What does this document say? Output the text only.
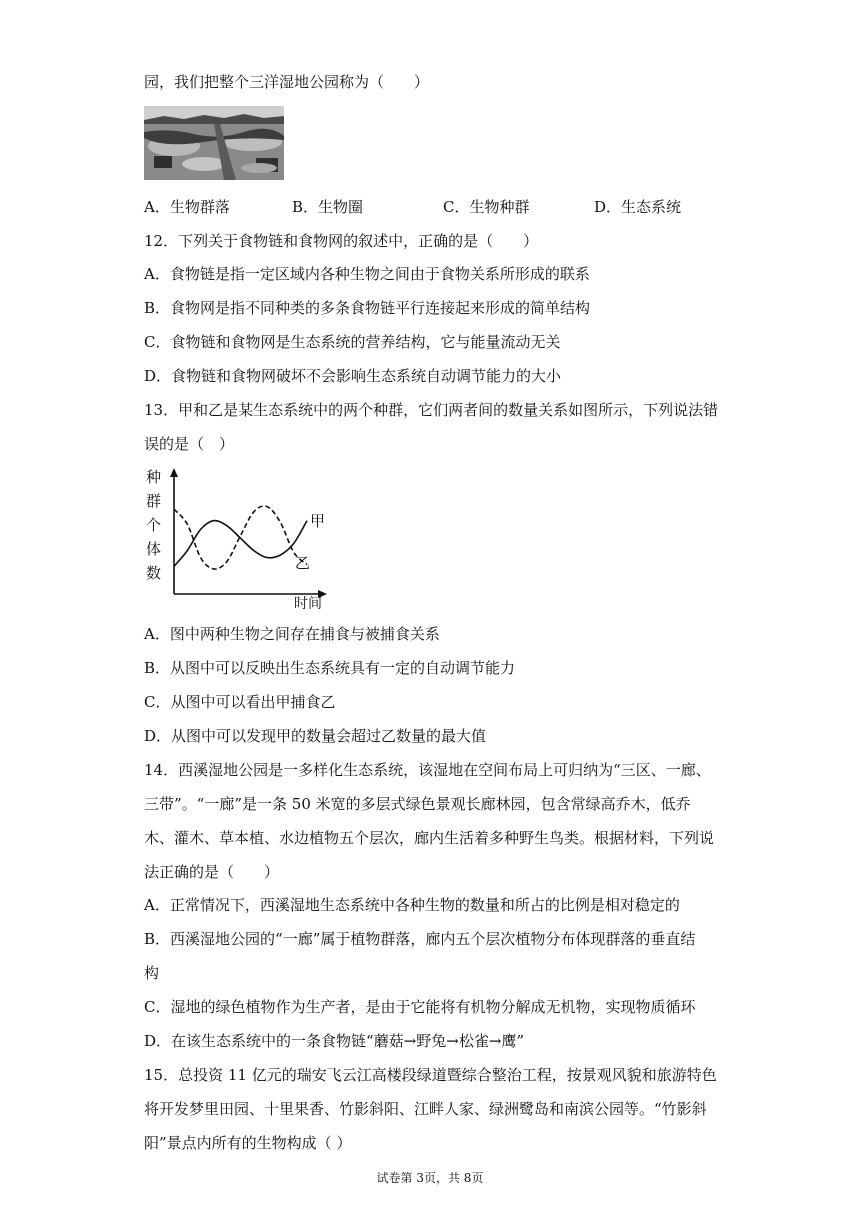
园，我们把整个三洋湿地公园称为（　　）
A．生物群落	B．生物圈	C．生物种群	D．生态系统
12．下列关于食物链和食物网的叙述中，正确的是（　　）
A．食物链是指一定区域内各种生物之间由于食物关系所形成的联系
B．食物网是指不同种类的多条食物链平行连接起来形成的简单结构
C．食物链和食物网是生态系统的营养结构，它与能量流动无关
D．食物链和食物网破坏不会影响生态系统自动调节能力的大小
13．甲和乙是某生态系统中的两个种群，它们两者间的数量关系如图所示，下列说法错
误的是（　）
种
群
个
体
数
甲
乙
时间
A．图中两种生物之间存在捕食与被捕食关系
B．从图中可以反映出生态系统具有一定的自动调节能力
C．从图中可以看出甲捕食乙
D．从图中可以发现甲的数量会超过乙数量的最大值
14．西溪湿地公园是一多样化生态系统，该湿地在空间布局上可归纳为“三区、一廊、
三带”。“一廊”是一条 50 米宽的多层式绿色景观长廊林园，包含常绿高乔木，低乔
木、灌木、草本植、水边植物五个层次，廊内生活着多种野生鸟类。根据材料，下列说
法正确的是（　　）
A．正常情况下，西溪湿地生态系统中各种生物的数量和所占的比例是相对稳定的
B．西溪湿地公园的“一廊”属于植物群落，廊内五个层次植物分布体现群落的垂直结
构
C．湿地的绿色植物作为生产者，是由于它能将有机物分解成无机物，实现物质循环
D．在该生态系统中的一条食物链“蘑菇→野兔→松雀→鹰”
15．总投资 11 亿元的瑞安飞云江高楼段绿道暨综合整治工程，按景观风貌和旅游特色
将开发梦里田园、十里果香、竹影斜阳、江畔人家、绿洲鹭岛和南滨公园等。“竹影斜
阳”景点内所有的生物构成（ ）
试卷第 3页，共 8页
